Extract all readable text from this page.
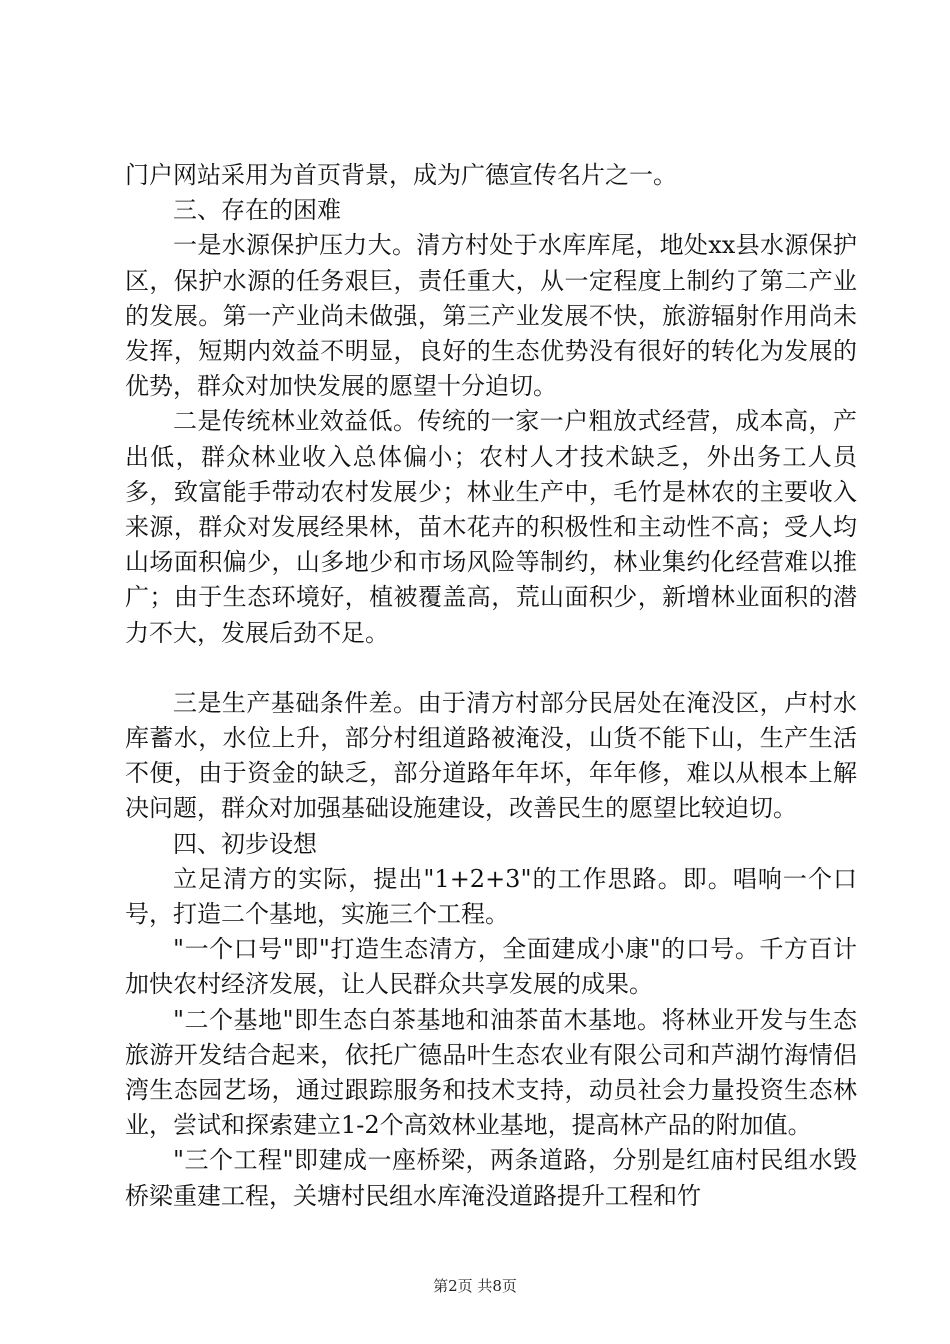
门户网站采用为首页背景，成为广德宣传名片之一。

三、存在的困难

一是水源保护压力大。清方村处于水库库尾，地处xx县水源保护区，保护水源的任务艰巨，责任重大，从一定程度上制约了第二产业的发展。第一产业尚未做强，第三产业发展不快，旅游辐射作用尚未发挥，短期内效益不明显，良好的生态优势没有很好的转化为发展的优势，群众对加快发展的愿望十分迫切。

二是传统林业效益低。传统的一家一户粗放式经营，成本高，产出低，群众林业收入总体偏小；农村人才技术缺乏，外出务工人员多，致富能手带动农村发展少；林业生产中，毛竹是林农的主要收入来源，群众对发展经果林，苗木花卉的积极性和主动性不高；受人均山场面积偏少，山多地少和市场风险等制约，林业集约化经营难以推广；由于生态环境好，植被覆盖高，荒山面积少，新增林业面积的潜力不大，发展后劲不足。

三是生产基础条件差。由于清方村部分民居处在淹没区，卢村水库蓄水，水位上升，部分村组道路被淹没，山货不能下山，生产生活不便，由于资金的缺乏，部分道路年年坏，年年修，难以从根本上解决问题，群众对加强基础设施建设，改善民生的愿望比较迫切。

四、初步设想

立足清方的实际，提出"1+2+3"的工作思路。即。唱响一个口号，打造二个基地，实施三个工程。

"一个口号"即"打造生态清方，全面建成小康"的口号。千方百计加快农村经济发展，让人民群众共享发展的成果。

"二个基地"即生态白茶基地和油茶苗木基地。将林业开发与生态旅游开发结合起来，依托广德品叶生态农业有限公司和芦湖竹海情侣湾生态园艺场，通过跟踪服务和技术支持，动员社会力量投资生态林业，尝试和探索建立1-2个高效林业基地，提高林产品的附加值。

"三个工程"即建成一座桥梁，两条道路，分别是红庙村民组水毁桥梁重建工程，关塘村民组水库淹没道路提升工程和竹

第2页 共8页
